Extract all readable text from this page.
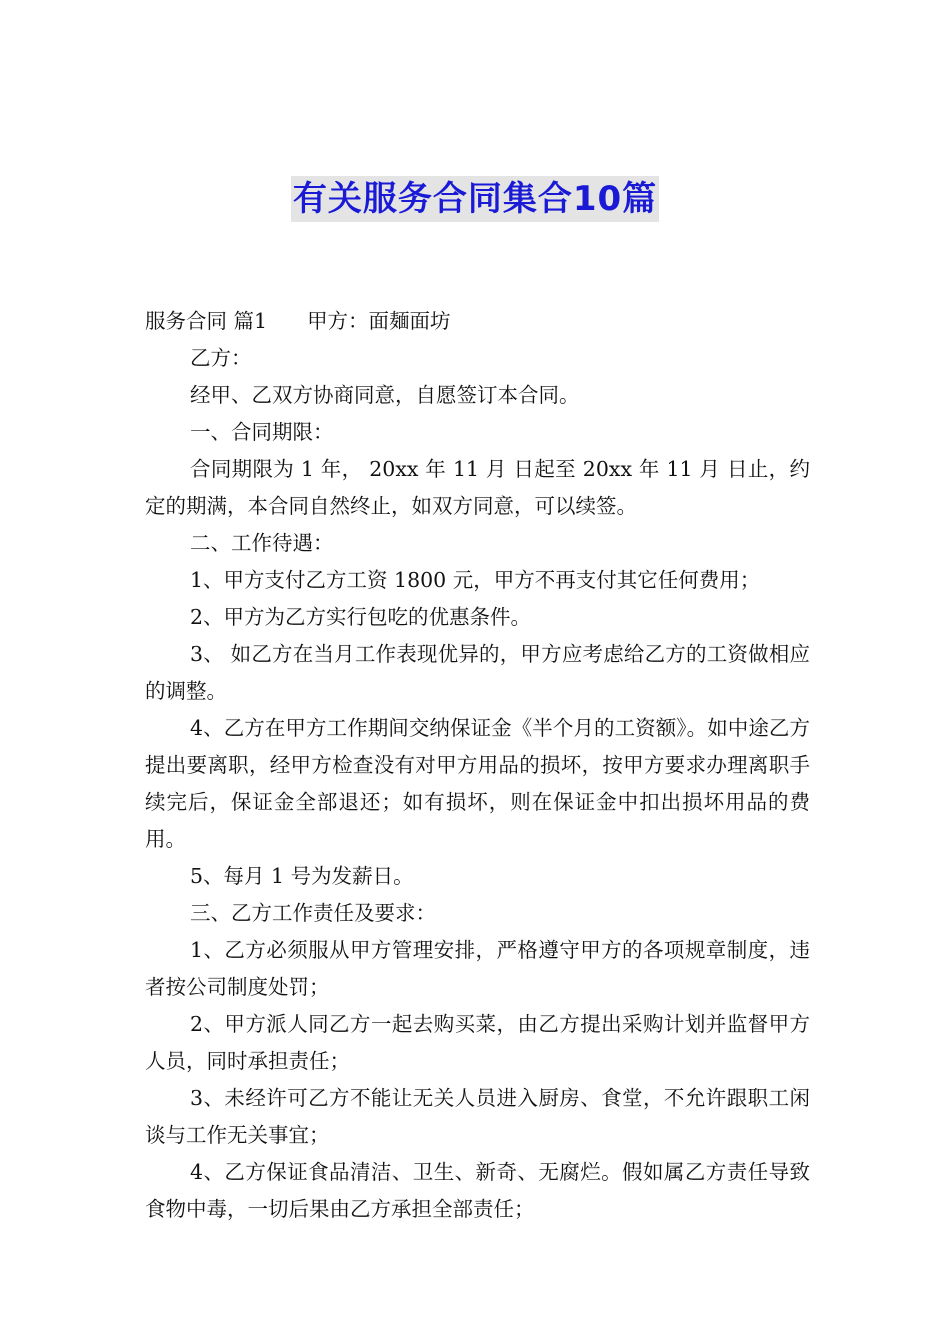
有关服务合同集合10篇

服务合同 篇1 甲方：面麺面坊

乙方：

经甲、乙双方协商同意，自愿签订本合同。

一、合同期限：

合同期限为 1 年， 20xx 年 11 月 日起至 20xx 年 11 月 日止，约定的期满，本合同自然终止，如双方同意，可以续签。

二、工作待遇：

1、甲方支付乙方工资 1800 元，甲方不再支付其它任何费用；

2、甲方为乙方实行包吃的优惠条件。

3、 如乙方在当月工作表现优异的，甲方应考虑给乙方的工资做相应的调整。

4、乙方在甲方工作期间交纳保证金《半个月的工资额》。如中途乙方提出要离职，经甲方检查没有对甲方用品的损坏，按甲方要求办理离职手续完后，保证金全部退还；如有损坏，则在保证金中扣出损坏用品的费用。

5、每月 1 号为发薪日。

三、乙方工作责任及要求：

1、乙方必须服从甲方管理安排，严格遵守甲方的各项规章制度，违者按公司制度处罚；

2、甲方派人同乙方一起去购买菜，由乙方提出采购计划并监督甲方人员，同时承担责任；

3、未经许可乙方不能让无关人员进入厨房、食堂，不允许跟职工闲谈与工作无关事宜；

4、乙方保证食品清洁、卫生、新奇、无腐烂。假如属乙方责任导致食物中毒，一切后果由乙方承担全部责任；
